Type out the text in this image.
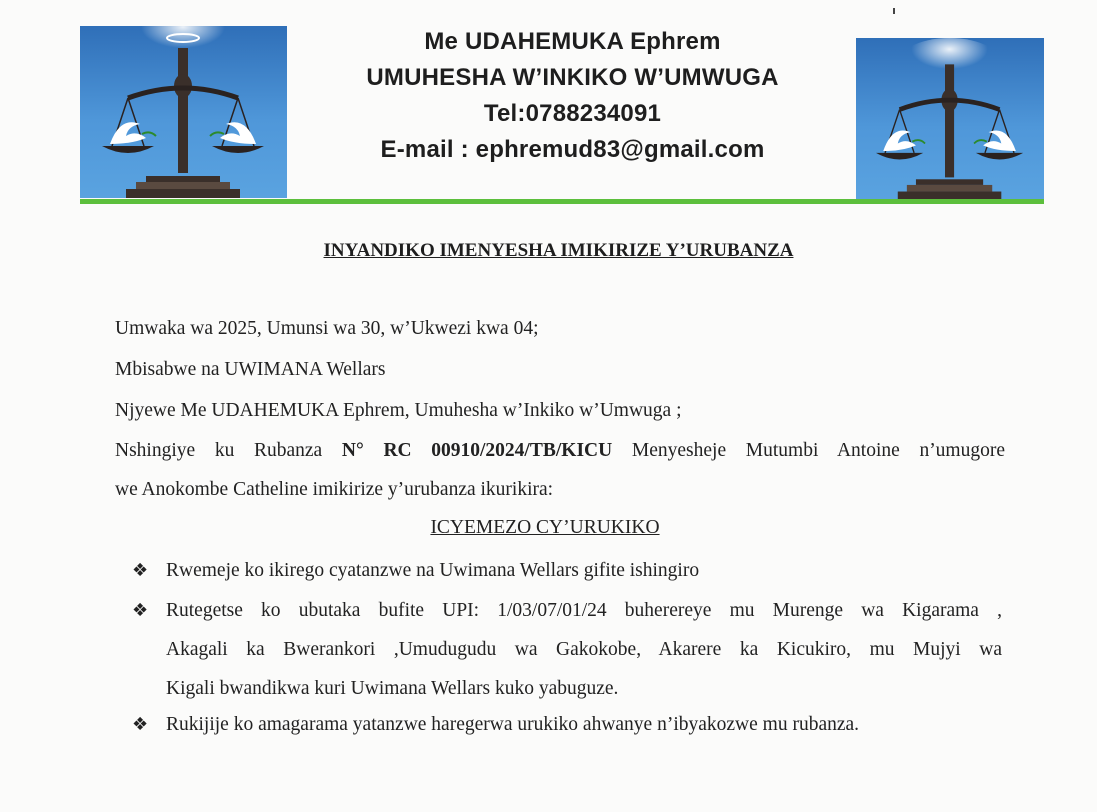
Me UDAHEMUKA Ephrem
UMUHESHA W’INKIKO W’UMWUGA
Tel:0788234091
E-mail : ephremud83@gmail.com
INYANDIKO IMENYESHA IMIKIRIZE Y’URUBANZA
Umwaka wa 2025, Umunsi wa 30, w’Ukwezi kwa 04;
Mbisabwe na UWIMANA Wellars
Njyewe Me UDAHEMUKA Ephrem, Umuhesha w’Inkiko w’Umwuga ;
Nshingiye ku Rubanza N° RC 00910/2024/TB/KICU Menyesheje Mutumbi Antoine n’umugore
we Anokombe Catheline imikirize y’urubanza ikurikira:
ICYEMEZO CY’URUKIKO
❖ Rwemeje ko ikirego cyatanzwe na Uwimana Wellars gifite ishingiro
❖ Rutegetse ko ubutaka bufite UPI: 1/03/07/01/24 buherereye mu Murenge wa Kigarama ,
Akagali ka Bwerankori ,Umudugudu wa Gakokobe, Akarere ka Kicukiro, mu Mujyi wa
Kigali bwandikwa kuri Uwimana Wellars kuko yabuguze.
❖ Rukijije ko amagarama yatanzwe haregerwa urukiko ahwanye n’ibyakozwe mu rubanza.
